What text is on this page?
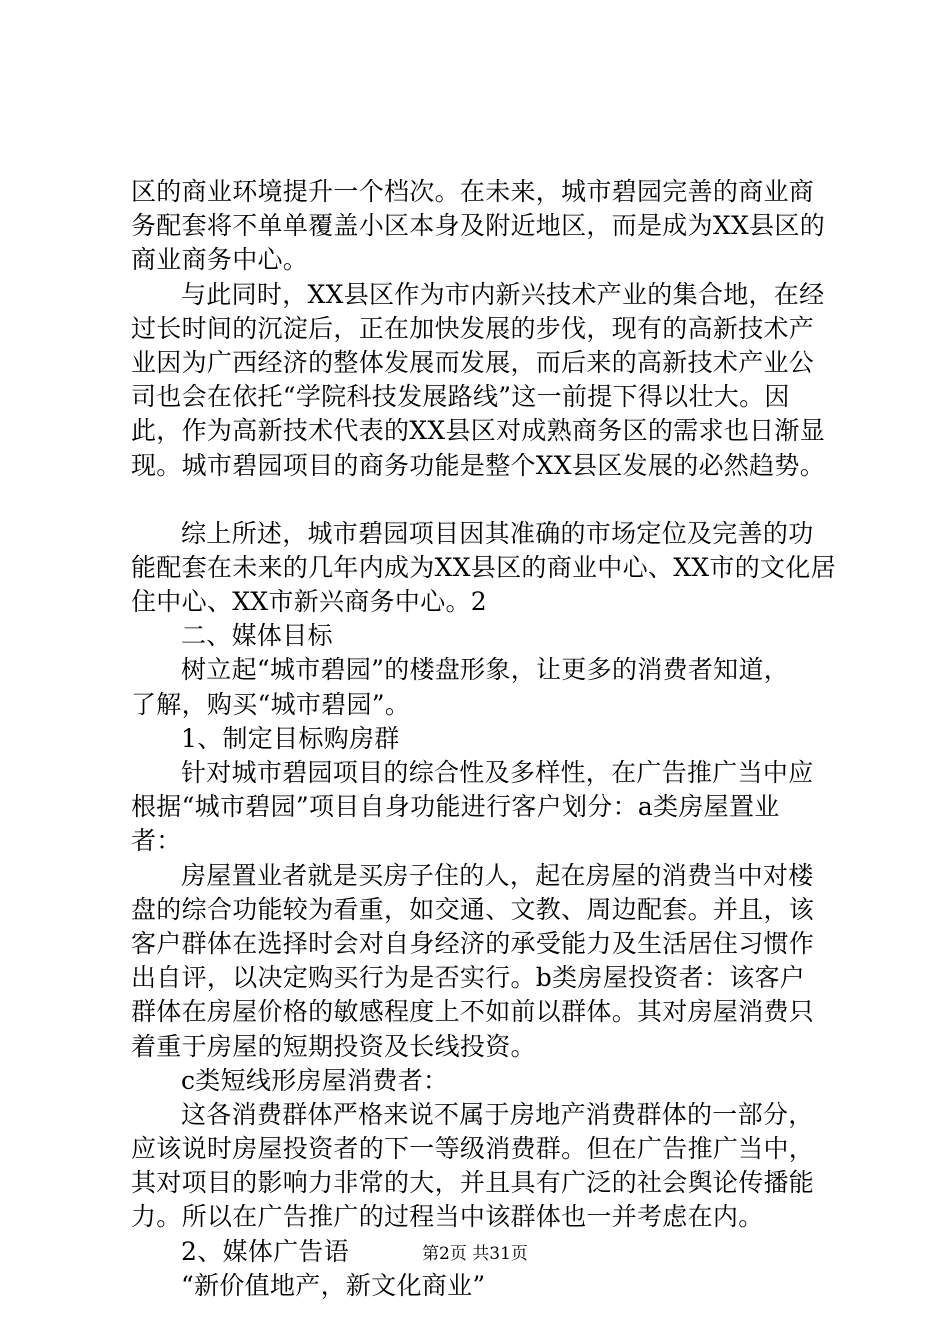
区的商业环境提升一个档次。在未来，城市碧园完善的商业商
务配套将不单单覆盖小区本身及附近地区，而是成为XX县区的
商业商务中心。
与此同时，XX县区作为市内新兴技术产业的集合地，在经
过长时间的沉淀后，正在加快发展的步伐，现有的高新技术产
业因为广西经济的整体发展而发展，而后来的高新技术产业公
司也会在依托“学院科技发展路线”这一前提下得以壮大。因
此，作为高新技术代表的XX县区对成熟商务区的需求也日渐显
现。城市碧园项目的商务功能是整个XX县区发展的必然趋势。
综上所述，城市碧园项目因其准确的市场定位及完善的功
能配套在未来的几年内成为XX县区的商业中心、XX市的文化居
住中心、XX市新兴商务中心。2
二、媒体目标
树立起“城市碧园”的楼盘形象，让更多的消费者知道，
了解，购买“城市碧园”。
1、制定目标购房群
针对城市碧园项目的综合性及多样性，在广告推广当中应
根据“城市碧园”项目自身功能进行客户划分：a类房屋置业
者：
房屋置业者就是买房子住的人，起在房屋的消费当中对楼
盘的综合功能较为看重，如交通、文教、周边配套。并且，该
客户群体在选择时会对自身经济的承受能力及生活居住习惯作
出自评，以决定购买行为是否实行。b类房屋投资者：该客户
群体在房屋价格的敏感程度上不如前以群体。其对房屋消费只
着重于房屋的短期投资及长线投资。
c类短线形房屋消费者：
这各消费群体严格来说不属于房地产消费群体的一部分，
应该说时房屋投资者的下一等级消费群。但在广告推广当中，
其对项目的影响力非常的大，并且具有广泛的社会舆论传播能
力。所以在广告推广的过程当中该群体也一并考虑在内。
2、媒体广告语
“新价值地产，新文化商业”
第2页 共31页
